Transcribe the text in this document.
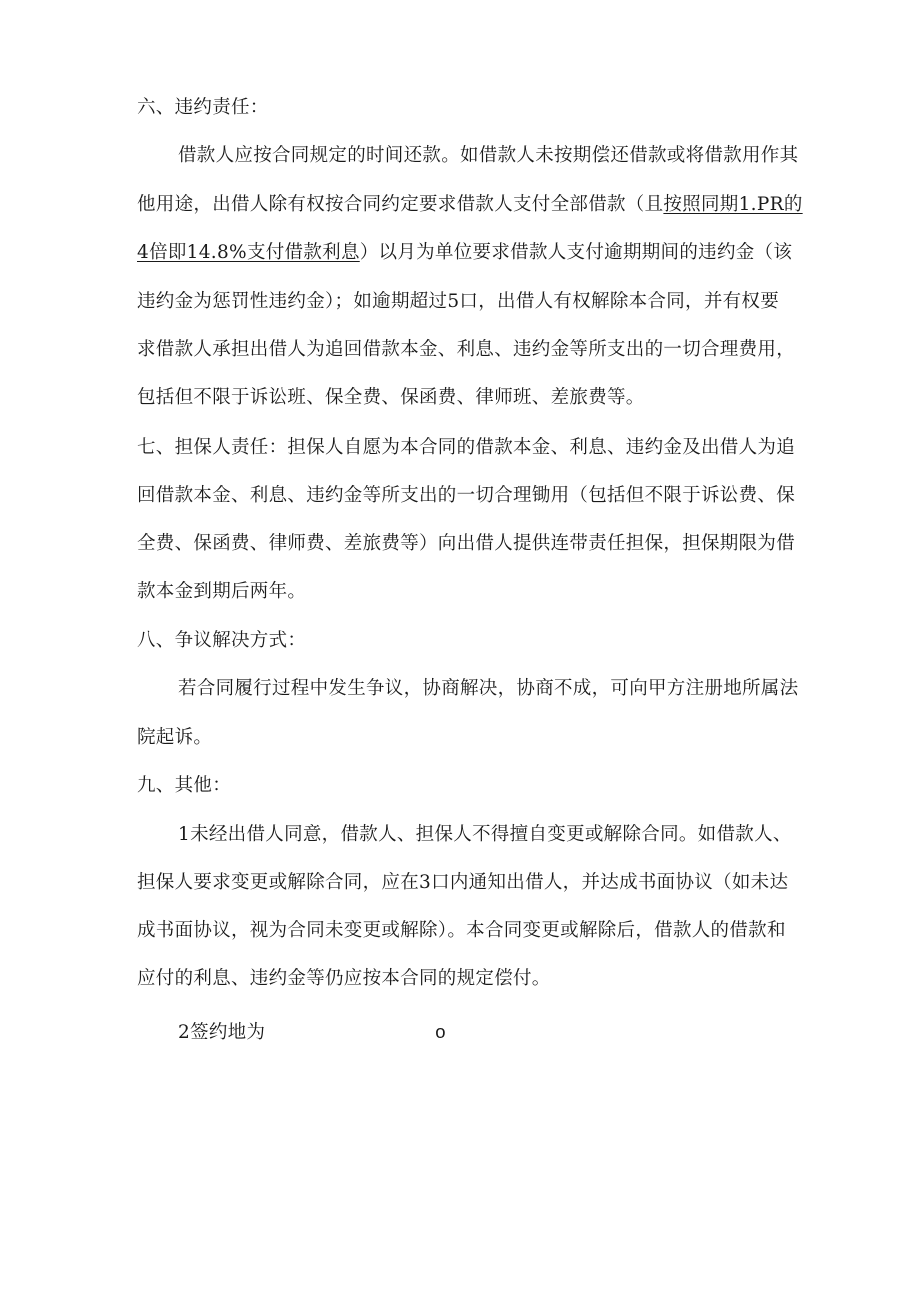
六、违约责任：
借款人应按合同规定的时间还款。如借款人未按期偿还借款或将借款用作其
他用途，出借人除有权按合同约定要求借款人支付全部借款（且按照同期1.PR的
4倍即14.8%支付借款利息）以月为单位要求借款人支付逾期期间的违约金（该
违约金为惩罚性违约金）；如逾期超过5口，出借人有权解除本合同，并有权要
求借款人承担出借人为追回借款本金、利息、违约金等所支出的一切合理费用，
包括但不限于诉讼班、保全费、保函费、律师班、差旅费等。
七、担保人责任：担保人自愿为本合同的借款本金、利息、违约金及出借人为追
回借款本金、利息、违约金等所支出的一切合理锄用（包括但不限于诉讼费、保
全费、保函费、律师费、差旅费等）向出借人提供连带责任担保，担保期限为借
款本金到期后两年。
八、争议解决方式：
若合同履行过程中发生争议，协商解决，协商不成，可向甲方注册地所属法
院起诉。
九、其他：
1未经出借人同意，借款人、担保人不得擅自变更或解除合同。如借款人、
担保人要求变更或解除合同，应在3口内通知出借人，并达成书面协议（如未达
成书面协议，视为合同未变更或解除）。本合同变更或解除后，借款人的借款和
应付的利息、违约金等仍应按本合同的规定偿付。
2签约地为	o
